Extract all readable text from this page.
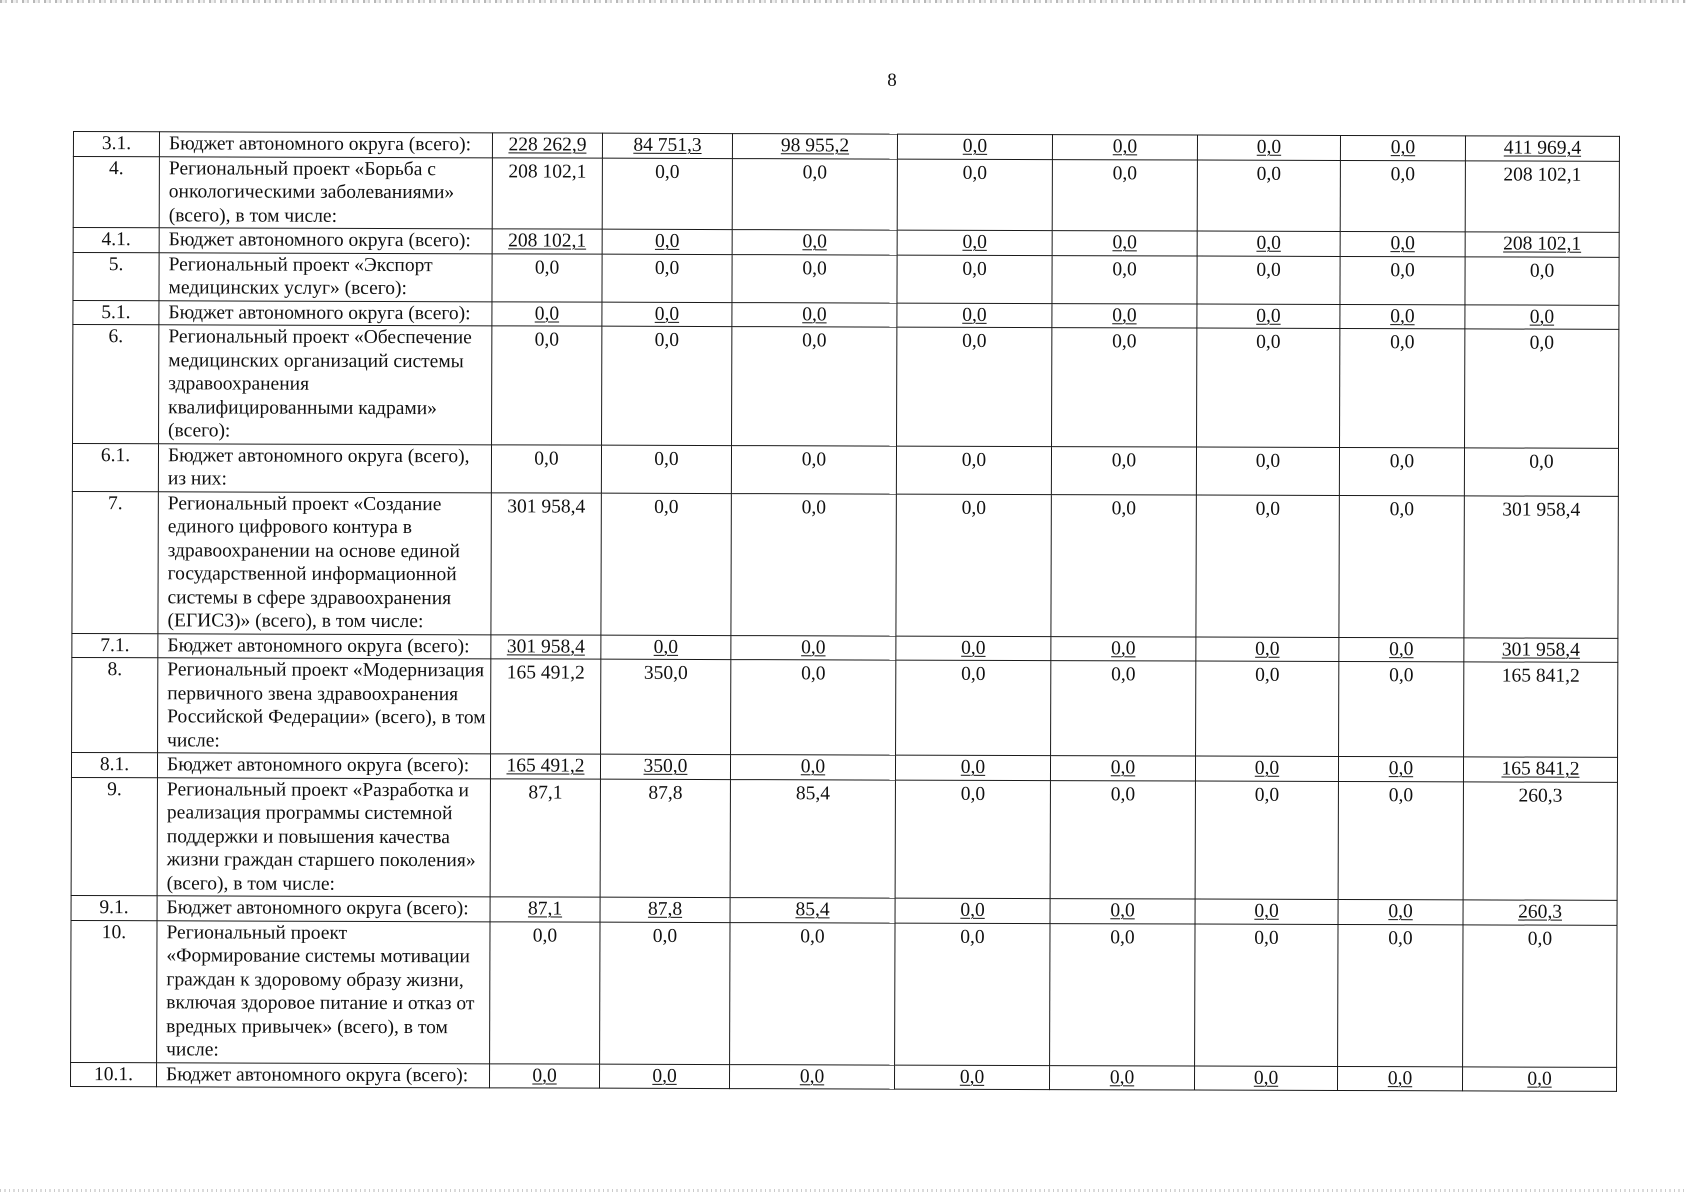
8
3.1.	Бюджет автономного округа (всего):	228 262,9	84 751,3	98 955,2	0,0	0,0	0,0	0,0	411 969,4
4.	Региональный проект «Борьба с онкологическими заболеваниями» (всего), в том числе:	208 102,1	0,0	0,0	0,0	0,0	0,0	0,0	208 102,1
4.1.	Бюджет автономного округа (всего):	208 102,1	0,0	0,0	0,0	0,0	0,0	0,0	208 102,1
5.	Региональный проект «Экспорт медицинских услуг» (всего):	0,0	0,0	0,0	0,0	0,0	0,0	0,0	0,0
5.1.	Бюджет автономного округа (всего):	0,0	0,0	0,0	0,0	0,0	0,0	0,0	0,0
6.	Региональный проект «Обеспечение медицинских организаций системы здравоохранения квалифицированными кадрами» (всего):	0,0	0,0	0,0	0,0	0,0	0,0	0,0	0,0
6.1.	Бюджет автономного округа (всего), из них:	0,0	0,0	0,0	0,0	0,0	0,0	0,0	0,0
7.	Региональный проект «Создание единого цифрового контура в здравоохранении на основе единой государственной информационной системы в сфере здравоохранения (ЕГИСЗ)» (всего), в том числе:	301 958,4	0,0	0,0	0,0	0,0	0,0	0,0	301 958,4
7.1.	Бюджет автономного округа (всего):	301 958,4	0,0	0,0	0,0	0,0	0,0	0,0	301 958,4
8.	Региональный проект «Модернизация первичного звена здравоохранения Российской Федерации» (всего), в том числе:	165 491,2	350,0	0,0	0,0	0,0	0,0	0,0	165 841,2
8.1.	Бюджет автономного округа (всего):	165 491,2	350,0	0,0	0,0	0,0	0,0	0,0	165 841,2
9.	Региональный проект «Разработка и реализация программы системной поддержки и повышения качества жизни граждан старшего поколения» (всего), в том числе:	87,1	87,8	85,4	0,0	0,0	0,0	0,0	260,3
9.1.	Бюджет автономного округа (всего):	87,1	87,8	85,4	0,0	0,0	0,0	0,0	260,3
10.	Региональный проект «Формирование системы мотивации граждан к здоровому образу жизни, включая здоровое питание и отказ от вредных привычек» (всего), в том числе:	0,0	0,0	0,0	0,0	0,0	0,0	0,0	0,0
10.1.	Бюджет автономного округа (всего):	0,0	0,0	0,0	0,0	0,0	0,0	0,0	0,0
